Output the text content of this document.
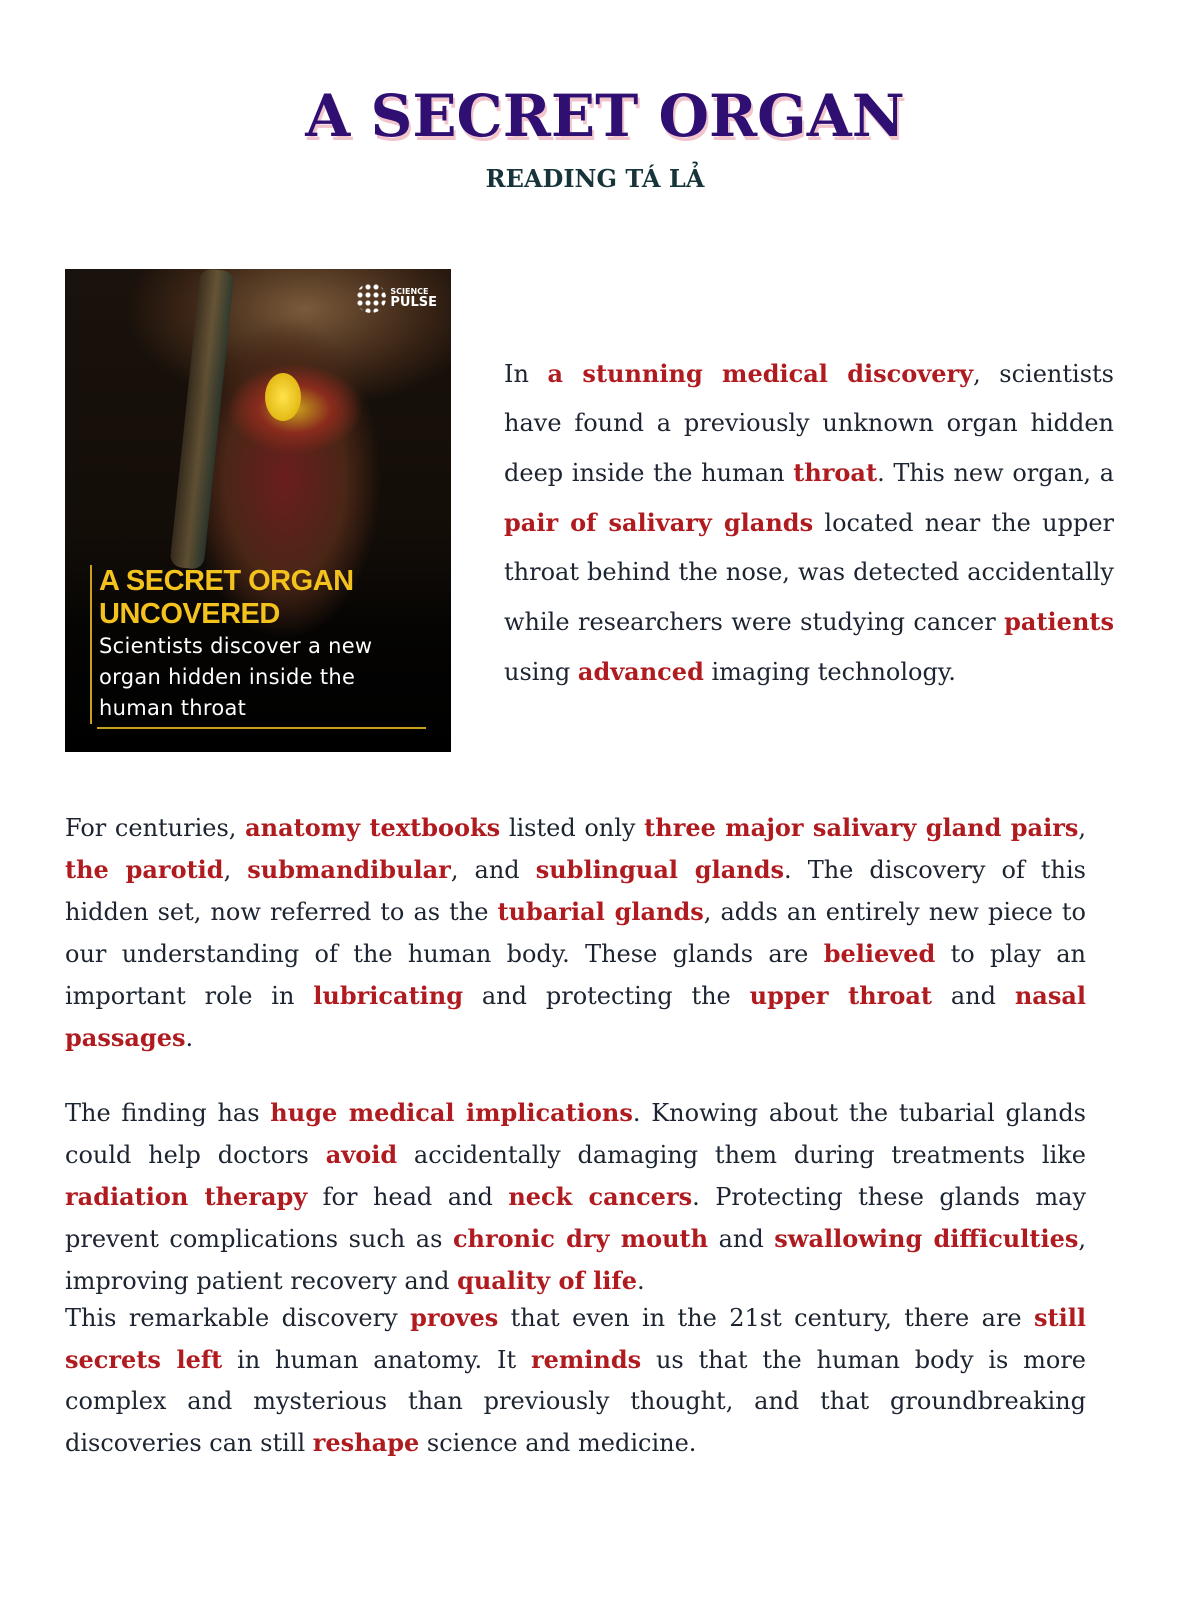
A SECRET ORGAN
READING TÁ LẢ
SCIENCE
PULSE
A SECRET ORGAN
UNCOVERED
Scientists discover a new
organ hidden inside the
human throat

In a stunning medical discovery, scientists have found a previously unknown organ hidden deep inside the human throat. This new organ, a pair of salivary glands located near the upper throat behind the nose, was detected accidentally while researchers were studying cancer patients using advanced imaging technology.

For centuries, anatomy textbooks listed only three major salivary gland pairs, the parotid, submandibular, and sublingual glands. The discovery of this hidden set, now referred to as the tubarial glands, adds an entirely new piece to our understanding of the human body. These glands are believed to play an important role in lubricating and protecting the upper throat and nasal passages.

The finding has huge medical implications. Knowing about the tubarial glands could help doctors avoid accidentally damaging them during treatments like radiation therapy for head and neck cancers. Protecting these glands may prevent complications such as chronic dry mouth and swallowing difficulties, improving patient recovery and quality of life.

This remarkable discovery proves that even in the 21st century, there are still secrets left in human anatomy. It reminds us that the human body is more complex and mysterious than previously thought, and that groundbreaking discoveries can still reshape science and medicine.
